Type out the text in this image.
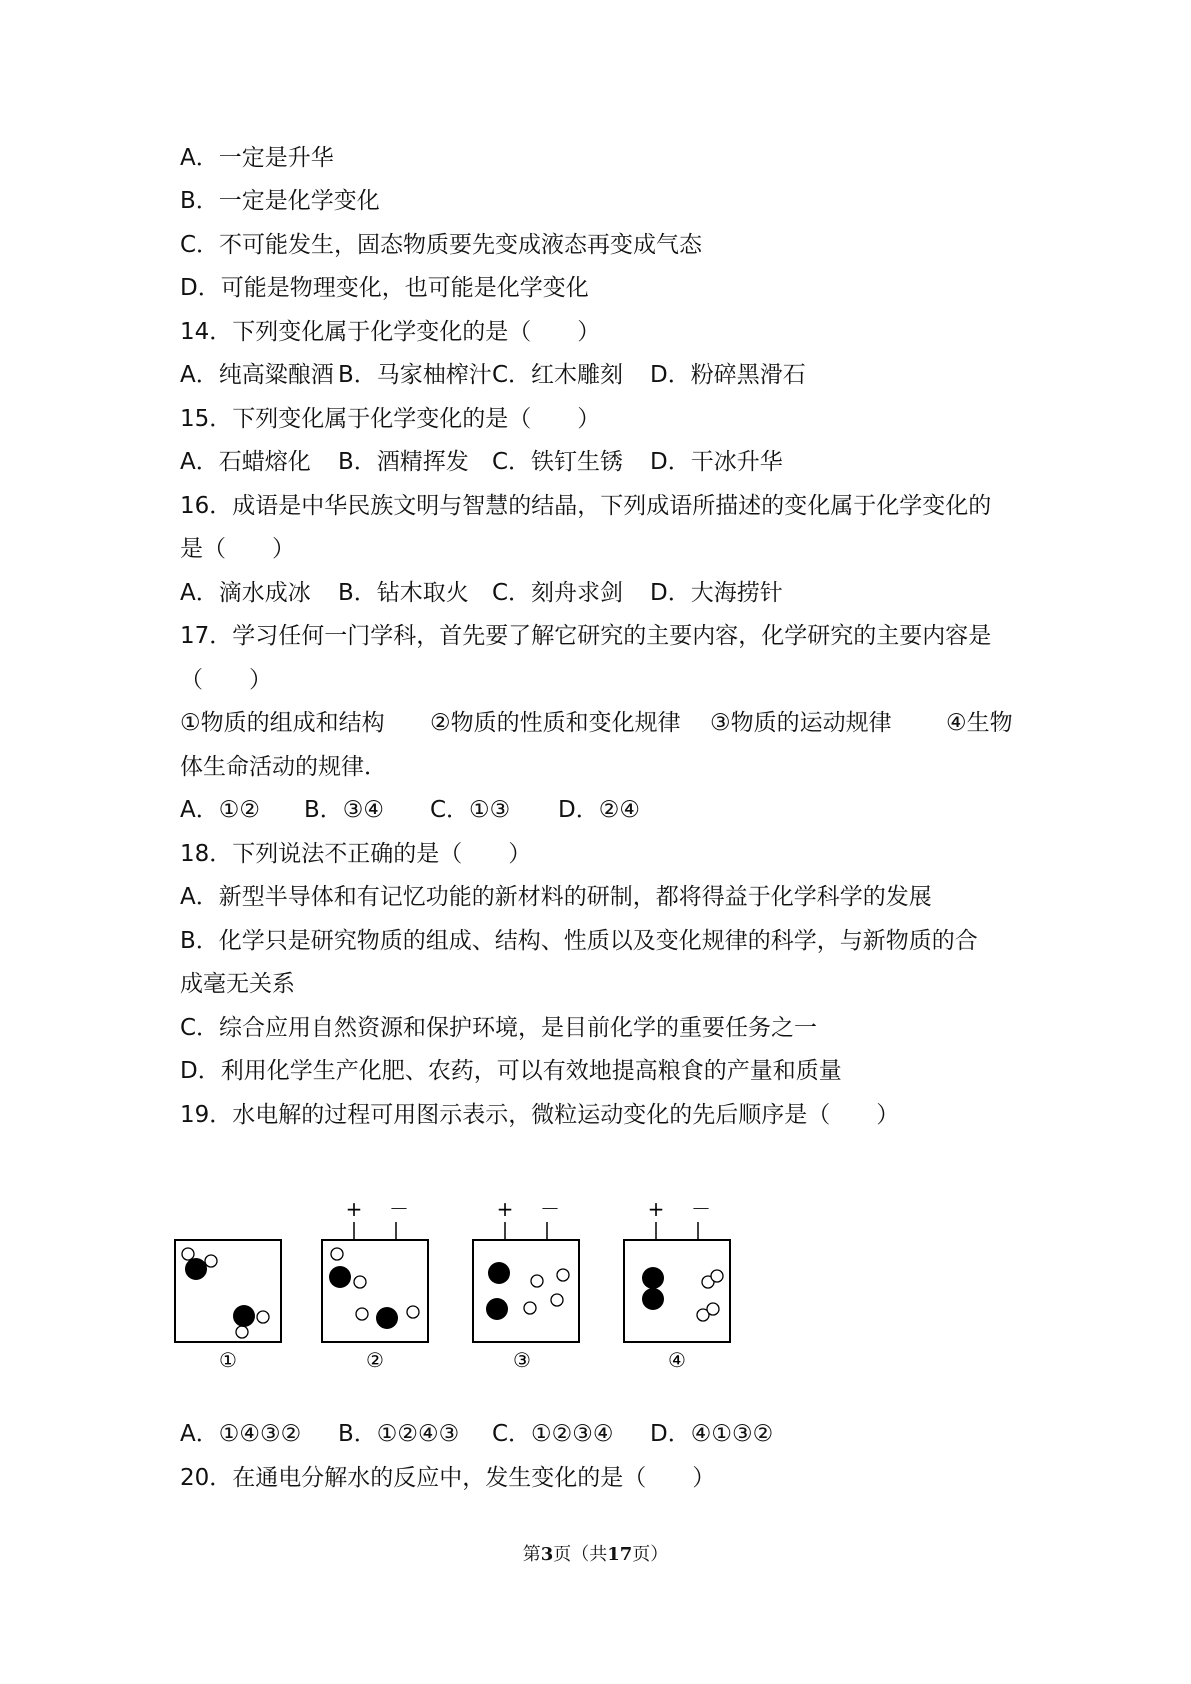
A．一定是升华
B．一定是化学变化
C．不可能发生，固态物质要先变成液态再变成气态
D．可能是物理变化，也可能是化学变化
14．下列变化属于化学变化的是（　　）
A．纯高粱酿酒 B．马家柚榨汁 C．红木雕刻 D．粉碎黑滑石
15．下列变化属于化学变化的是（　　）
A．石蜡熔化 B．酒精挥发 C．铁钉生锈 D．干冰升华
16．成语是中华民族文明与智慧的结晶，下列成语所描述的变化属于化学变化的
是（　　）
A．滴水成冰 B．钻木取火 C．刻舟求剑 D．大海捞针
17．学习任何一门学科，首先要了解它研究的主要内容，化学研究的主要内容是
（　　）
①物质的组成和结构 ②物质的性质和变化规律 ③物质的运动规律 ④生物
体生命活动的规律．
A．①② B．③④ C．①③ D．②④
18．下列说法不正确的是（　　）
A．新型半导体和有记忆功能的新材料的研制，都将得益于化学科学的发展
B．化学只是研究物质的组成、结构、性质以及变化规律的科学，与新物质的合
成毫无关系
C．综合应用自然资源和保护环境，是目前化学的重要任务之一
D．利用化学生产化肥、农药，可以有效地提高粮食的产量和质量
19．水电解的过程可用图示表示，微粒运动变化的先后顺序是（　　）
①
+ －
②
+ －
③
+ －
④
A．①④③② B．①②④③ C．①②③④ D．④①③②
20．在通电分解水的反应中，发生变化的是（　　）
第3页（共17页）
